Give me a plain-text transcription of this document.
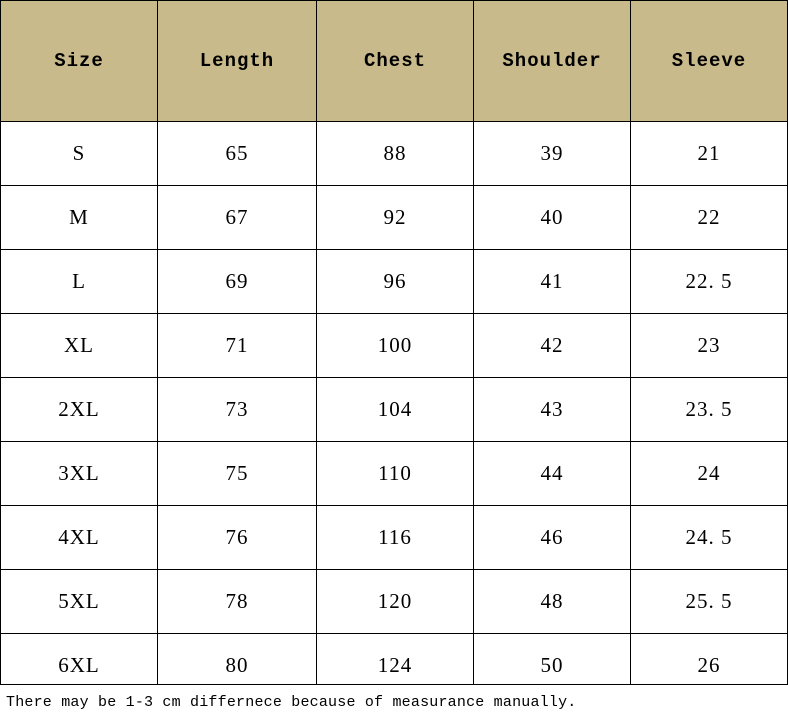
Size	Length	Chest	Shoulder	Sleeve
S	65	88	39	21
M	67	92	40	22
L	69	96	41	22. 5
XL	71	100	42	23
2XL	73	104	43	23. 5
3XL	75	110	44	24
4XL	76	116	46	24. 5
5XL	78	120	48	25. 5
6XL	80	124	50	26
There may be 1-3 cm differnece because of measurance manually.
